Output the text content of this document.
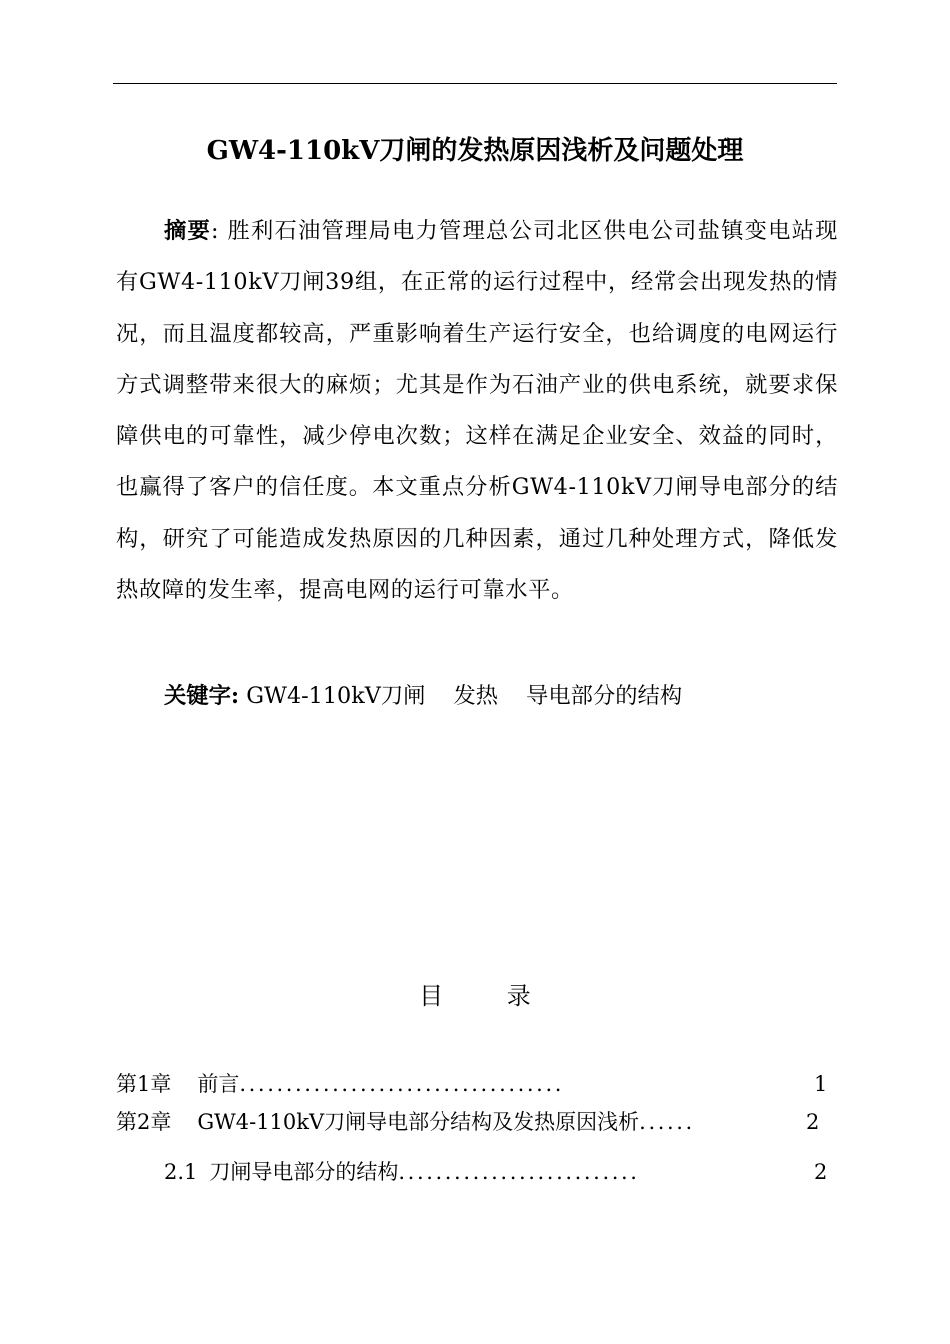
GW4-110kV刀闸的发热原因浅析及问题处理

摘要: 胜利石油管理局电力管理总公司北区供电公司盐镇变电站现有GW4-110kV刀闸39组，在正常的运行过程中，经常会出现发热的情况，而且温度都较高，严重影响着生产运行安全，也给调度的电网运行方式调整带来很大的麻烦；尤其是作为石油产业的供电系统，就要求保障供电的可靠性，减少停电次数；这样在满足企业安全、效益的同时，也赢得了客户的信任度。本文重点分析GW4-110kV刀闸导电部分的结构，研究了可能造成发热原因的几种因素，通过几种处理方式，降低发热故障的发生率，提高电网的运行可靠水平。

关键字: GW4-110kV刀闸 发热 导电部分的结构
目 录
第1章 前言...................................	1
第2章 GW4-110kV刀闸导电部分结构及发热原因浅析......	2
2.1 刀闸导电部分的结构..........................	2
